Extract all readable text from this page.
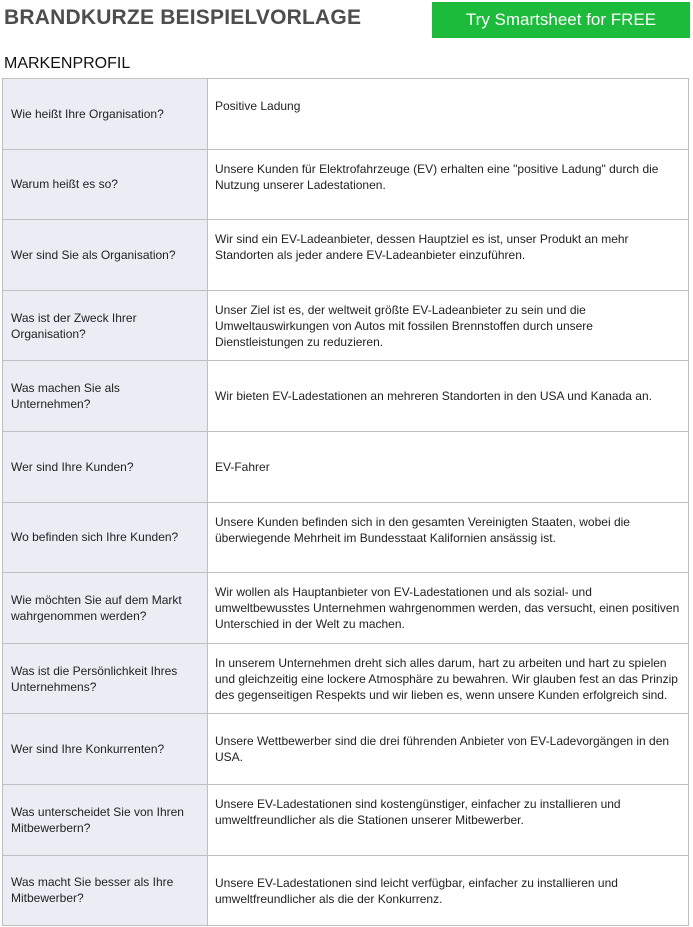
BRANDKURZE BEISPIELVORLAGE	Try Smartsheet for FREE
MARKENPROFIL
Wie heißt Ihre Organisation?
Positive Ladung
Warum heißt es so?
Unsere Kunden für Elektrofahrzeuge (EV) erhalten eine "positive Ladung" durch die Nutzung unserer Ladestationen.
Wer sind Sie als Organisation?
Wir sind ein EV-Ladeanbieter, dessen Hauptziel es ist, unser Produkt an mehr Standorten als jeder andere EV-Ladeanbieter einzuführen.
Was ist der Zweck Ihrer Organisation?
Unser Ziel ist es, der weltweit größte EV-Ladeanbieter zu sein und die Umweltauswirkungen von Autos mit fossilen Brennstoffen durch unsere Dienstleistungen zu reduzieren.
Was machen Sie als Unternehmen?
Wir bieten EV-Ladestationen an mehreren Standorten in den USA und Kanada an.
Wer sind Ihre Kunden?	EV-Fahrer
Wo befinden sich Ihre Kunden?
Unsere Kunden befinden sich in den gesamten Vereinigten Staaten, wobei die überwiegende Mehrheit im Bundesstaat Kalifornien ansässig ist.
Wie möchten Sie auf dem Markt wahrgenommen werden?
Wir wollen als Hauptanbieter von EV-Ladestationen und als sozial- und umweltbewusstes Unternehmen wahrgenommen werden, das versucht, einen positiven Unterschied in der Welt zu machen.
Was ist die Persönlichkeit Ihres Unternehmens?
In unserem Unternehmen dreht sich alles darum, hart zu arbeiten und hart zu spielen und gleichzeitig eine lockere Atmosphäre zu bewahren. Wir glauben fest an das Prinzip des gegenseitigen Respekts und wir lieben es, wenn unsere Kunden erfolgreich sind.
Wer sind Ihre Konkurrenten?
Unsere Wettbewerber sind die drei führenden Anbieter von EV-Ladevorgängen in den USA.
Was unterscheidet Sie von Ihren Mitbewerbern?
Unsere EV-Ladestationen sind kostengünstiger, einfacher zu installieren und umweltfreundlicher als die Stationen unserer Mitbewerber.
Was macht Sie besser als Ihre Mitbewerber?
Unsere EV-Ladestationen sind leicht verfügbar, einfacher zu installieren und umweltfreundlicher als die der Konkurrenz.
